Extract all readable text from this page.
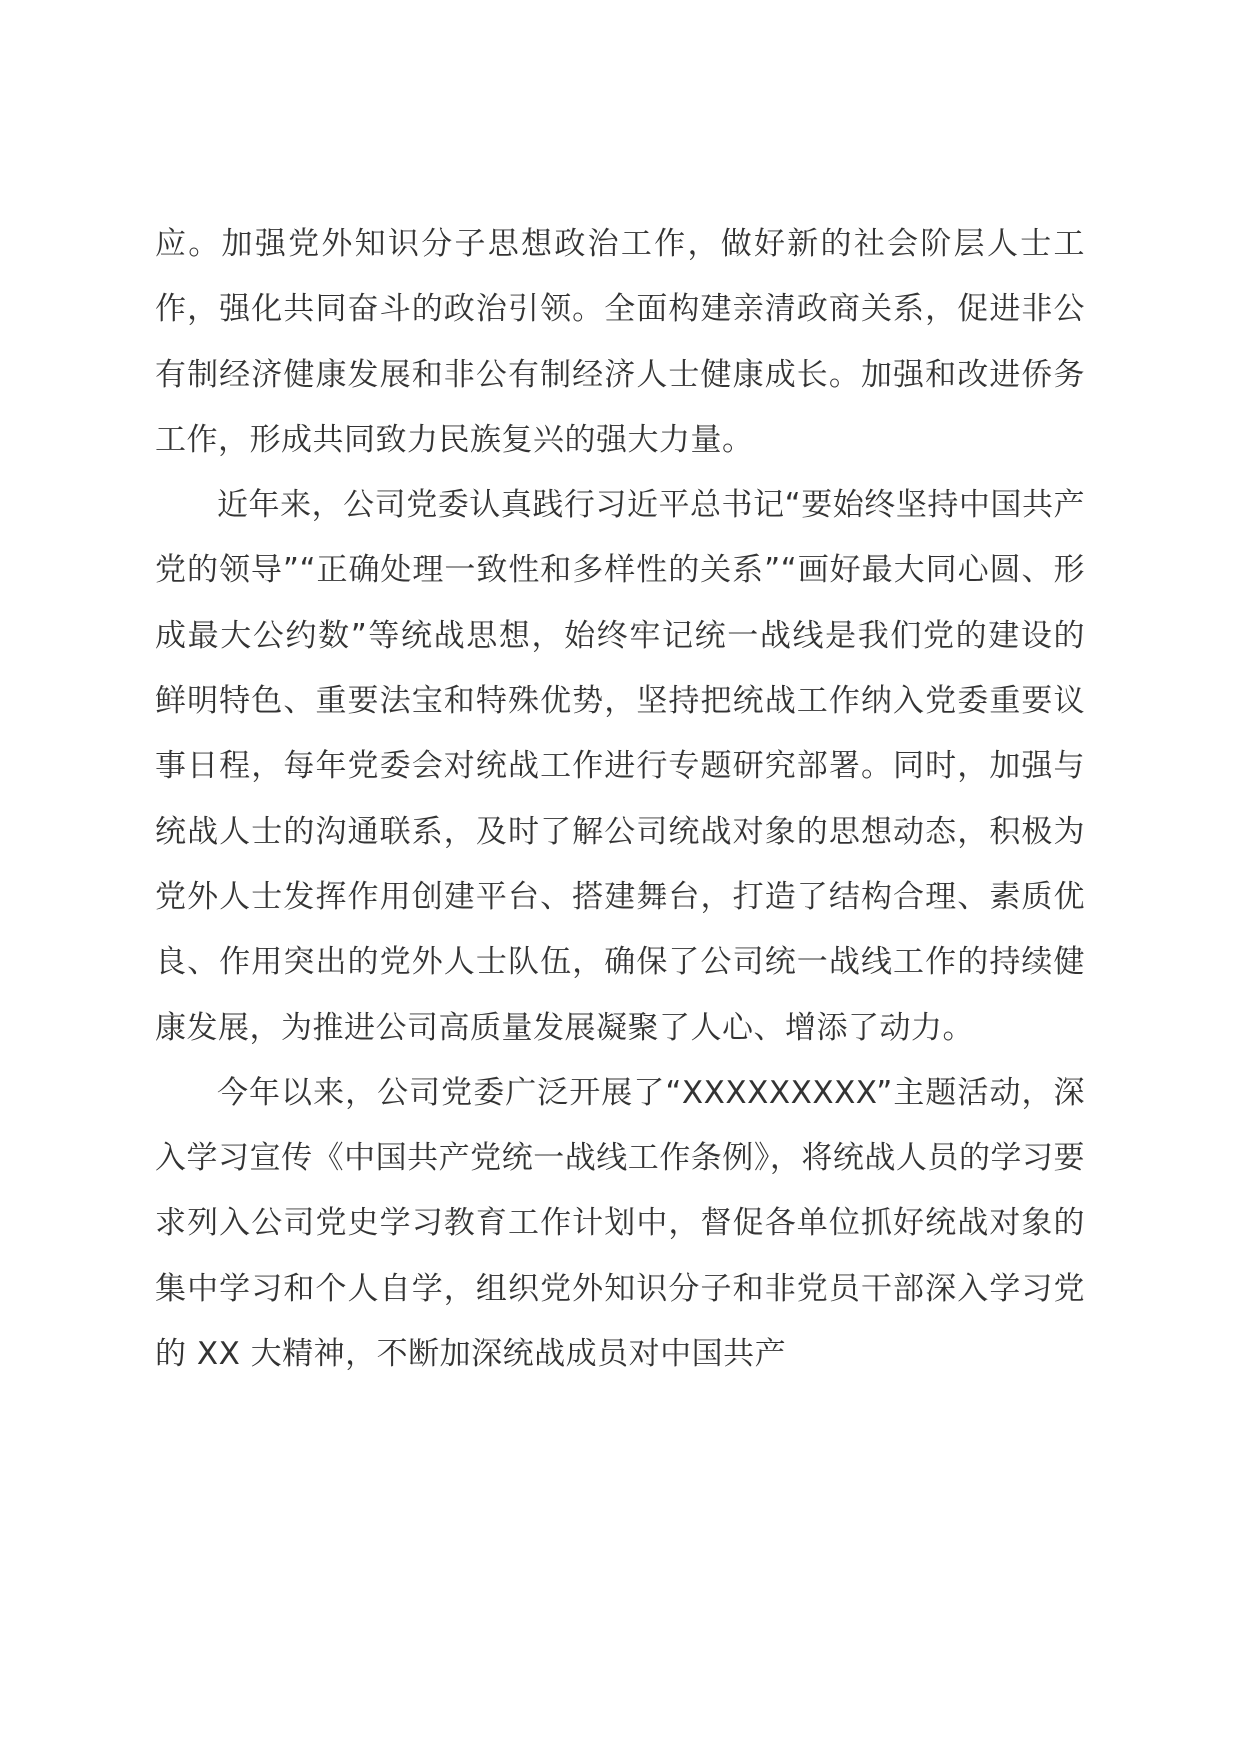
应。加强党外知识分子思想政治工作，做好新的社会阶层人士工作，强化共同奋斗的政治引领。全面构建亲清政商关系，促进非公有制经济健康发展和非公有制经济人士健康成长。加强和改进侨务工作，形成共同致力民族复兴的强大力量。

近年来，公司党委认真践行习近平总书记“要始终坚持中国共产党的领导”“正确处理一致性和多样性的关系”“画好最大同心圆、形成最大公约数”等统战思想，始终牢记统一战线是我们党的建设的鲜明特色、重要法宝和特殊优势，坚持把统战工作纳入党委重要议事日程，每年党委会对统战工作进行专题研究部署。同时，加强与统战人士的沟通联系，及时了解公司统战对象的思想动态，积极为党外人士发挥作用创建平台、搭建舞台，打造了结构合理、素质优良、作用突出的党外人士队伍，确保了公司统一战线工作的持续健康发展，为推进公司高质量发展凝聚了人心、增添了动力。

今年以来，公司党委广泛开展了“XXXXXXXXX”主题活动，深入学习宣传《中国共产党统一战线工作条例》，将统战人员的学习要求列入公司党史学习教育工作计划中，督促各单位抓好统战对象的集中学习和个人自学，组织党外知识分子和非党员干部深入学习党的 XX 大精神，不断加深统战成员对中国共产
